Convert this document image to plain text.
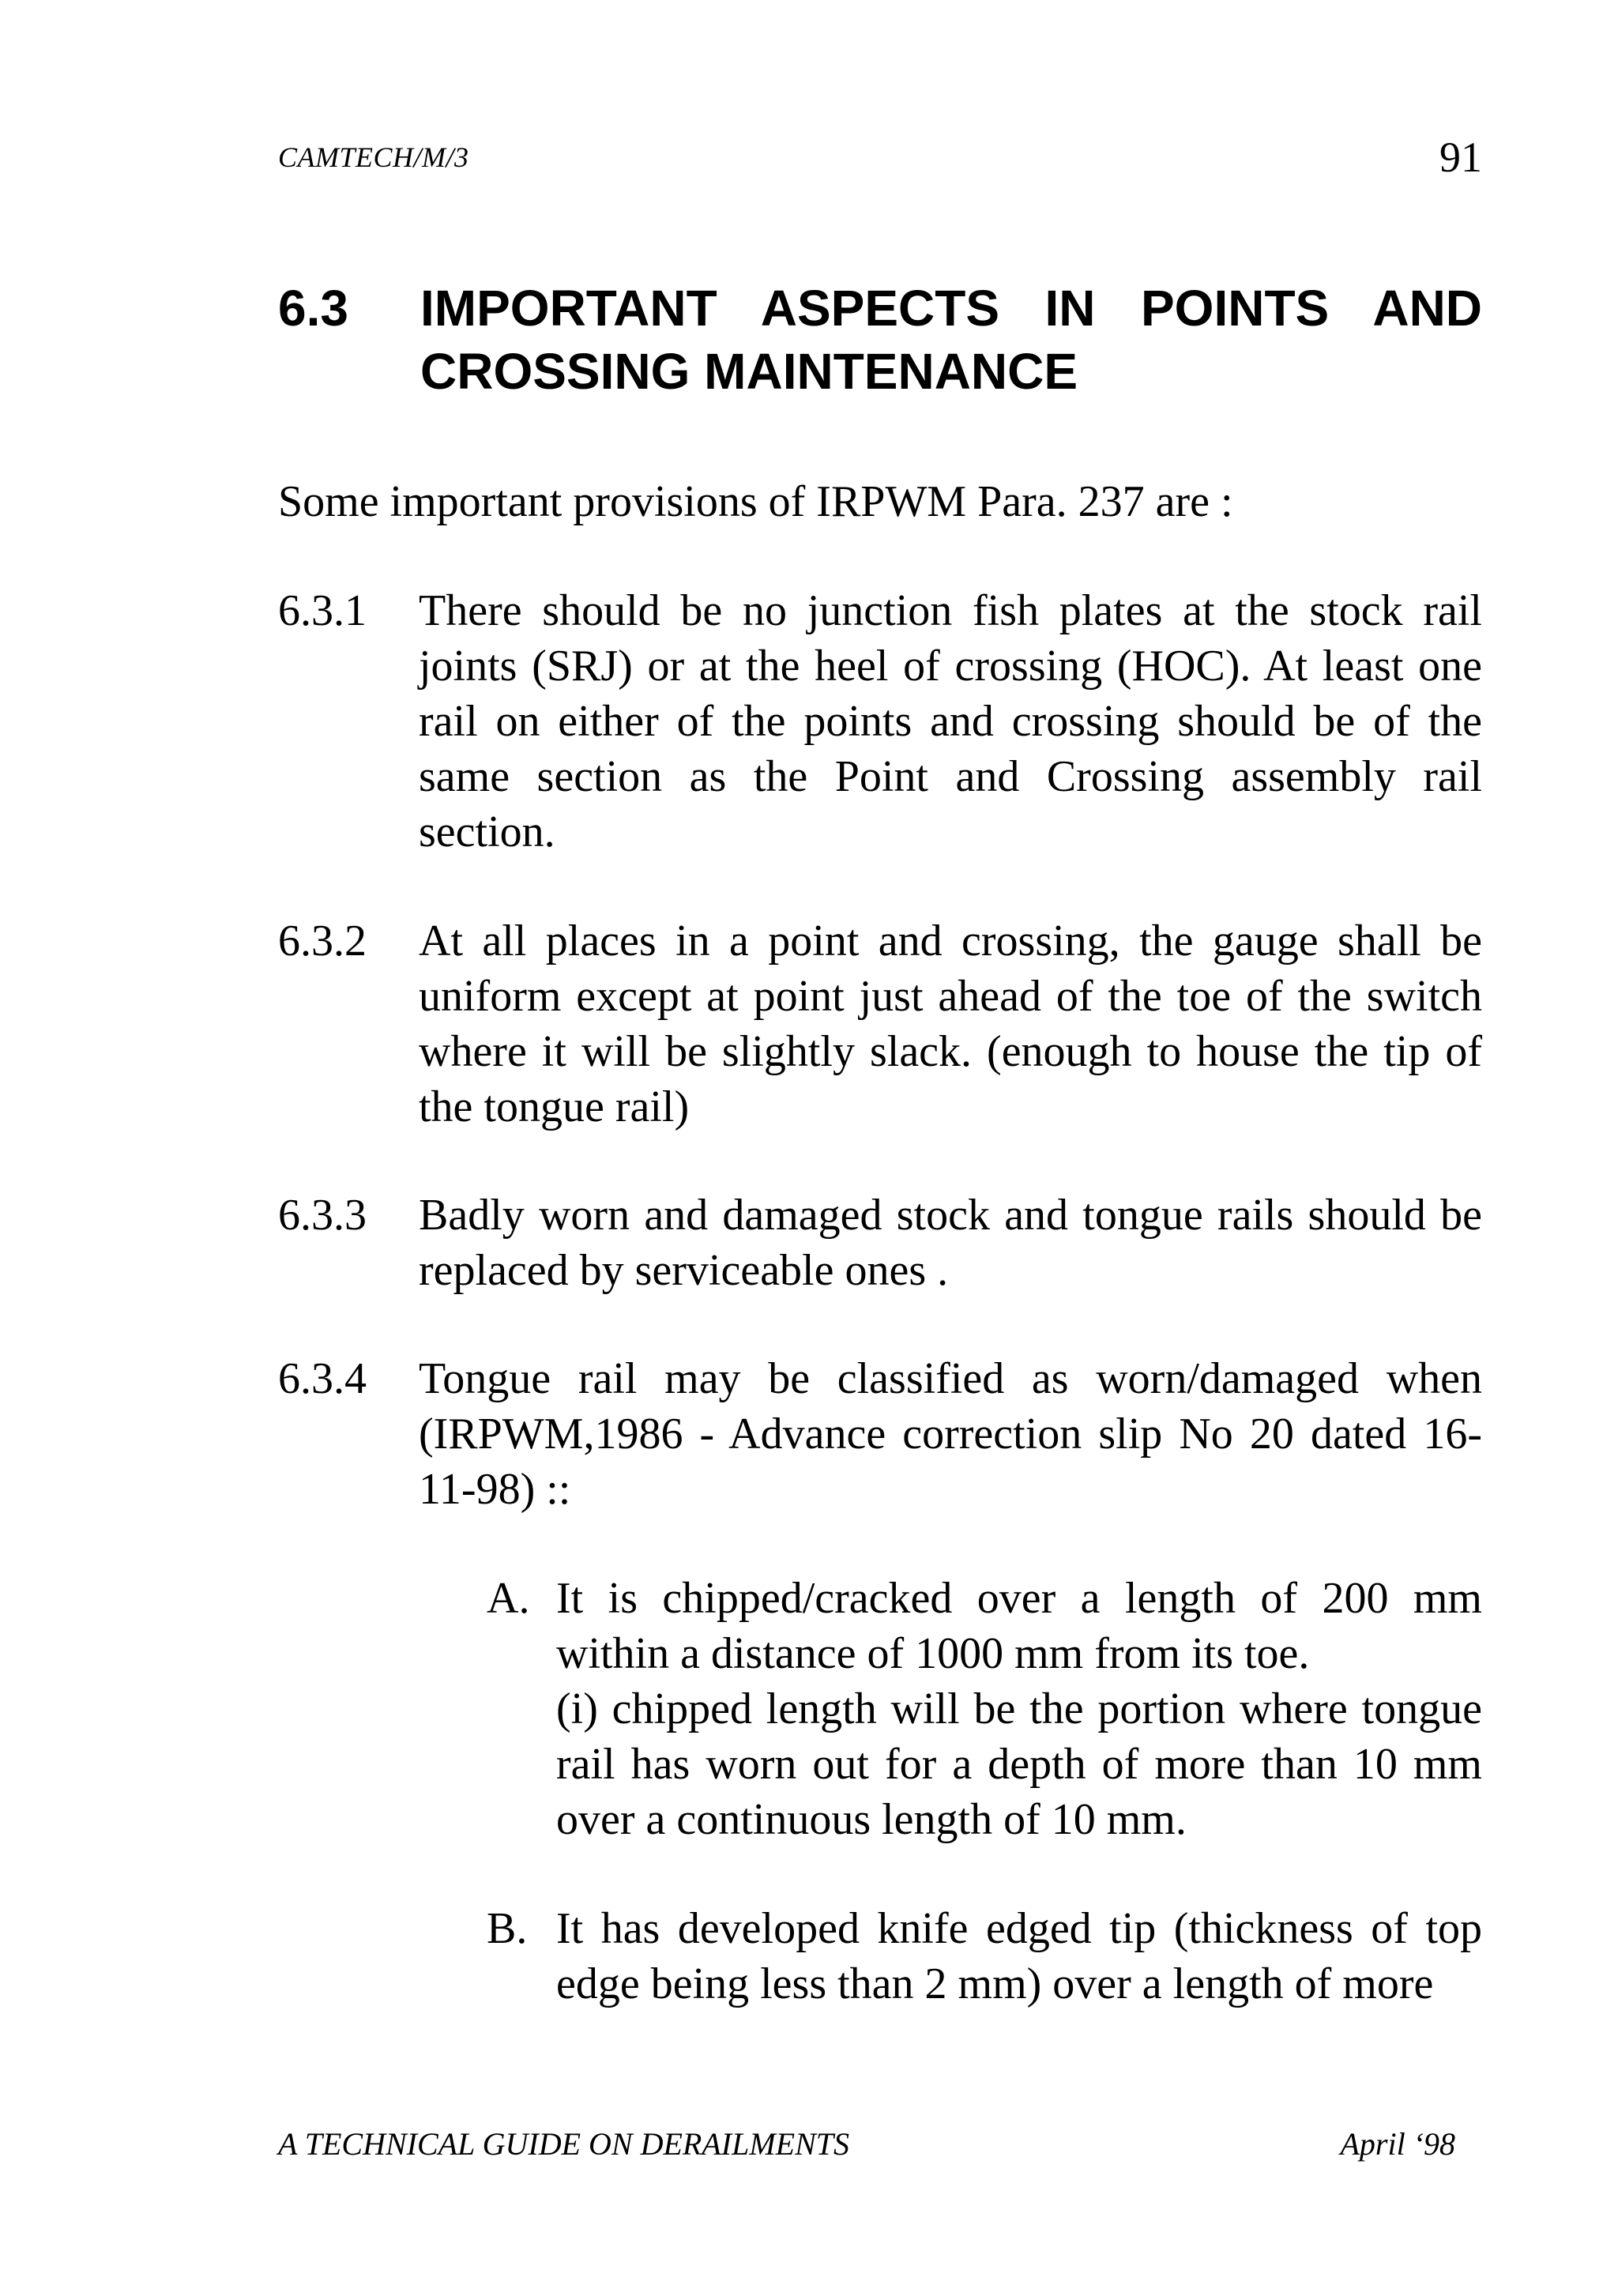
CAMTECH/M/3	91
6.3 IMPORTANT ASPECTS IN POINTS AND CROSSING MAINTENANCE
Some important provisions of IRPWM Para. 237 are :
6.3.1 There should be no junction fish plates at the stock rail joints (SRJ) or at the heel of crossing (HOC). At least one rail on either of the points and crossing should be of the same section as the Point and Crossing assembly rail section.
6.3.2 At all places in a point and crossing, the gauge shall be uniform except at point just ahead of the toe of the switch where it will be slightly slack. (enough to house the tip of the tongue rail)
6.3.3 Badly worn and damaged stock and tongue rails should be replaced by serviceable ones .
6.3.4 Tongue rail may be classified as worn/damaged when (IRPWM,1986 - Advance correction slip No 20 dated 16-11-98) ::
A. It is chipped/cracked over a length of 200 mm within a distance of 1000 mm from its toe.

(i) chipped length will be the portion where tongue rail has worn out for a depth of more than 10 mm over a continuous length of 10 mm.

B. It has developed knife edged tip (thickness of top edge being less than 2 mm) over a length of more

A TECHNICAL GUIDE ON DERAILMENTS	April ‘98
